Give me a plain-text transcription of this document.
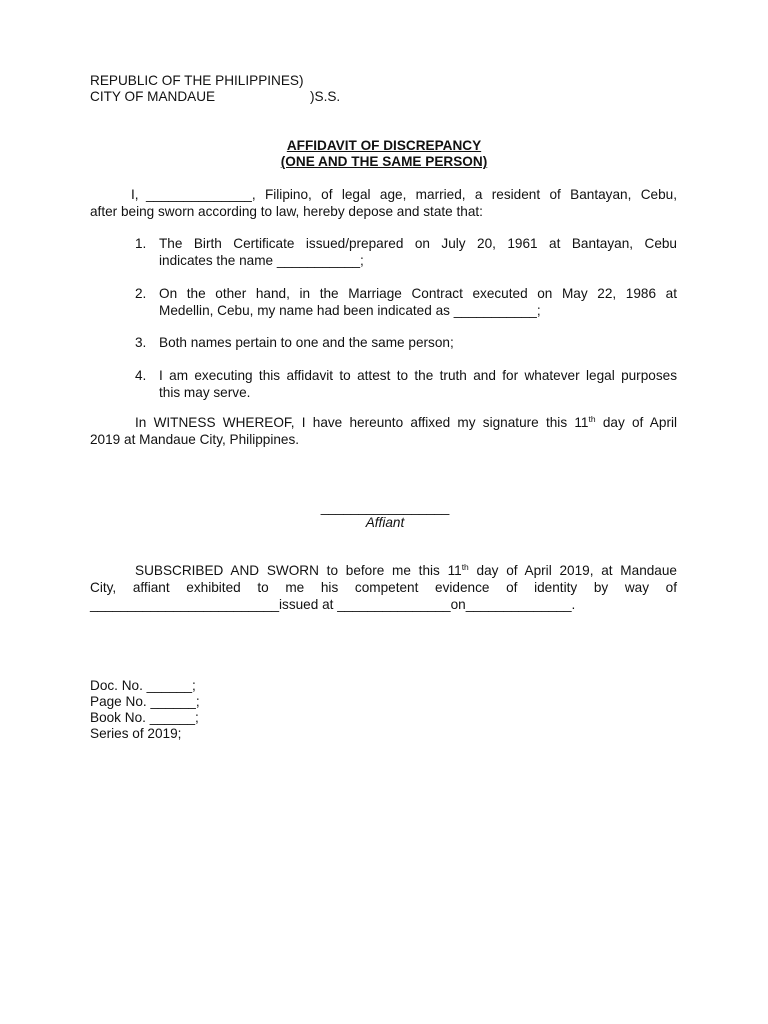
REPUBLIC OF THE PHILIPPINES)
CITY OF MANDAUE	)S.S.
AFFIDAVIT OF DISCREPANCY
(ONE AND THE SAME PERSON)
I, ______________, Filipino, of legal age, married, a resident of Bantayan, Cebu,
after being sworn according to law, hereby depose and state that:
1. The Birth Certificate issued/prepared on July 20, 1961 at Bantayan, Cebu
indicates the name ___________;
2. On the other hand, in the Marriage Contract executed on May 22, 1986 at
Medellin, Cebu, my name had been indicated as ___________;
3. Both names pertain to one and the same person;
4. I am executing this affidavit to attest to the truth and for whatever legal purposes
this may serve.
In WITNESS WHEREOF, I have hereunto affixed my signature this 11th day of April
2019 at Mandaue City, Philippines.
_________________
Affiant
SUBSCRIBED AND SWORN to before me this 11th day of April 2019, at Mandaue
City, affiant exhibited to me his competent evidence of identity by way of
_________________________issued at _______________on______________.
Doc. No. ______;
Page No. ______;
Book No. ______;
Series of 2019;
